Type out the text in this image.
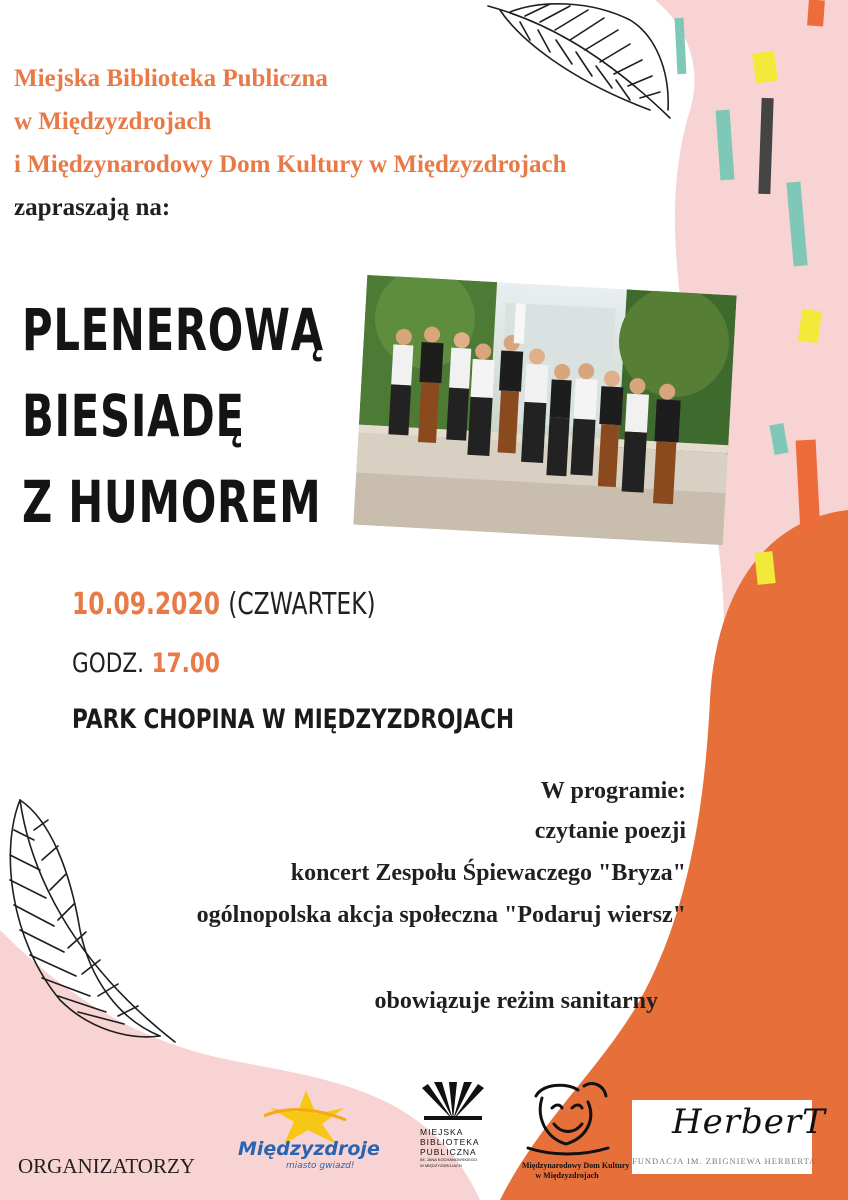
Miejska Biblioteka Publiczna
w Międzyzdrojach
i Międzynarodowy Dom Kultury w Międzyzdrojach
zapraszają na:
PLENEROWĄ
BIESIADĘ
Z HUMOREM
10.09.2020 (CZWARTEK)
GODZ. 17.00
PARK CHOPINA W MIĘDZYZDROJACH
W programie:
czytanie poezji
koncert Zespołu Śpiewaczego "Bryza"
ogólnopolska akcja społeczna "Podaruj wiersz"
obowiązuje reżim sanitarny
ORGANIZATORZY
Międzyzdroje
miasto gwiazd!
MIEJSKA
BIBLIOTEKA
PUBLICZNA
IM. JANA KOCHANOWSKIEGO
W MIĘDZYZDROJACH	Międzynarodowy Dom Kultury
w Międzyzdrojach
HerberT
FUNDACJA IM. ZBIGNIEWA HERBERTA
